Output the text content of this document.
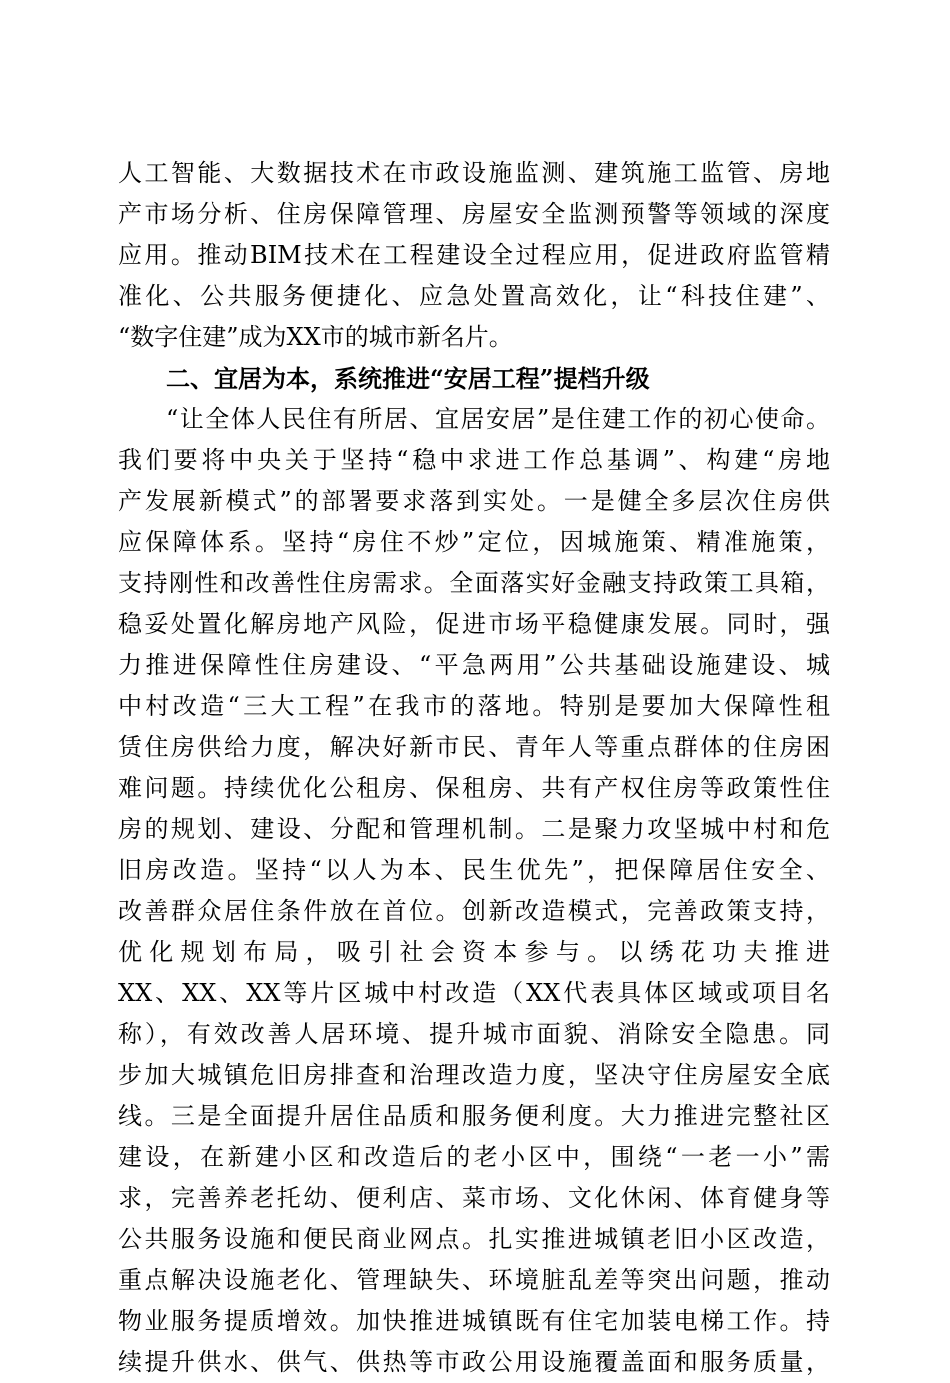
人工智能、大数据技术在市政设施监测、建筑施工监管、房地
产市场分析、住房保障管理、房屋安全监测预警等领域的深度
应用。推动BIM技术在工程建设全过程应用，促进政府监管精
准化、公共服务便捷化、应急处置高效化，让“科技住建”、
“数字住建”成为XX市的城市新名片。
二、宜居为本，系统推进“安居工程”提档升级
“让全体人民住有所居、宜居安居”是住建工作的初心使命。
我们要将中央关于坚持“稳中求进工作总基调”、构建“房地
产发展新模式”的部署要求落到实处。一是健全多层次住房供
应保障体系。坚持“房住不炒”定位，因城施策、精准施策，
支持刚性和改善性住房需求。全面落实好金融支持政策工具箱，
稳妥处置化解房地产风险，促进市场平稳健康发展。同时，强
力推进保障性住房建设、“平急两用”公共基础设施建设、城
中村改造“三大工程”在我市的落地。特别是要加大保障性租
赁住房供给力度，解决好新市民、青年人等重点群体的住房困
难问题。持续优化公租房、保租房、共有产权住房等政策性住
房的规划、建设、分配和管理机制。二是聚力攻坚城中村和危
旧房改造。坚持“以人为本、民生优先”，把保障居住安全、
改善群众居住条件放在首位。创新改造模式，完善政策支持，
优化规划布局，吸引社会资本参与。以绣花功夫推进
XX、XX、XX等片区城中村改造（XX代表具体区域或项目名
称），有效改善人居环境、提升城市面貌、消除安全隐患。同
步加大城镇危旧房排查和治理改造力度，坚决守住房屋安全底
线。三是全面提升居住品质和服务便利度。大力推进完整社区
建设，在新建小区和改造后的老小区中，围绕“一老一小”需
求，完善养老托幼、便利店、菜市场、文化休闲、体育健身等
公共服务设施和便民商业网点。扎实推进城镇老旧小区改造，
重点解决设施老化、管理缺失、环境脏乱差等突出问题，推动
物业服务提质增效。加快推进城镇既有住宅加装电梯工作。持
续提升供水、供气、供热等市政公用设施覆盖面和服务质量，
